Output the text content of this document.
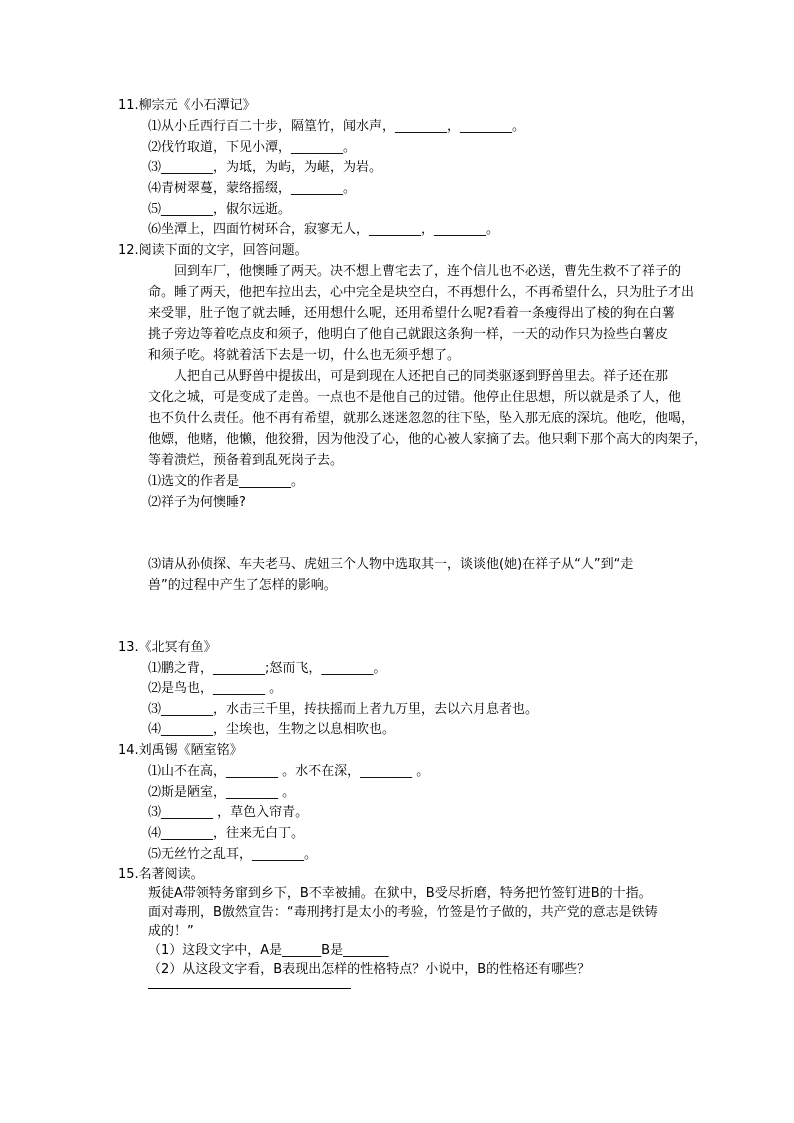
11.柳宗元《小石潭记》
⑴从小丘西行百二十步，隔篁竹，闻水声，________，________。
⑵伐竹取道，下见小潭，________。
⑶________，为坻，为屿，为嵁，为岩。
⑷青树翠蔓，蒙络摇缀，________。
⑸________，俶尔远逝。
⑹坐潭上，四面竹树环合，寂寥无人，________，________。
12.阅读下面的文字，回答问题。
　　回到车厂，他懊睡了两天。决不想上曹宅去了，连个信儿也不必送，曹先生救不了祥子的
命。睡了两天，他把车拉出去，心中完全是块空白，不再想什么，不再希望什么，只为肚子才出
来受罪，肚子饱了就去睡，还用想什么呢，还用希望什么呢?看着一条瘦得出了棱的狗在白薯
挑子旁边等着吃点皮和须子，他明白了他自己就跟这条狗一样，一天的动作只为捡些白薯皮
和须子吃。将就着活下去是一切，什么也无须乎想了。
　　人把自己从野兽中提拔出，可是到现在人还把自己的同类驱逐到野兽里去。祥子还在那
文化之城，可是变成了走兽。一点也不是他自己的过错。他停止住思想，所以就是杀了人，他
也不负什么责任。他不再有希望，就那么迷迷忽忽的往下坠，坠入那无底的深坑。他吃，他喝，
他嫖，他赌，他懒，他狡猾，因为他没了心，他的心被人家摘了去。他只剩下那个高大的肉架子，
等着溃烂，预备着到乱死岗子去。
⑴选文的作者是________。
⑵祥子为何懊睡?
⑶请从孙侦探、车夫老马、虎妞三个人物中选取其一，谈谈他(她)在祥子从“人”到“走
兽”的过程中产生了怎样的影响。
13.《北冥有鱼》
⑴鹏之背，________;怒而飞，________。
⑵是鸟也，________ 。
⑶________，水击三千里，抟扶摇而上者九万里，去以六月息者也。
⑷________，尘埃也，生物之以息相吹也。
14.刘禹锡《陋室铭》
⑴山不在高，________ 。水不在深，________ 。
⑵斯是陋室，________ 。
⑶________ ，草色入帘青。
⑷________，往来无白丁。
⑸无丝竹之乱耳，________。
15.名著阅读。
叛徒A带领特务窜到乡下，B不幸被捕。在狱中，B受尽折磨，特务把竹签钉进B的十指。
面对毒刑，B傲然宣告：“毒刑拷打是太小的考验，竹签是竹子做的，共产党的意志是铁铸
成的！”
（1）这段文字中，A是______B是_______
（2）从这段文字看，B表现出怎样的性格特点？小说中，B的性格还有哪些？
